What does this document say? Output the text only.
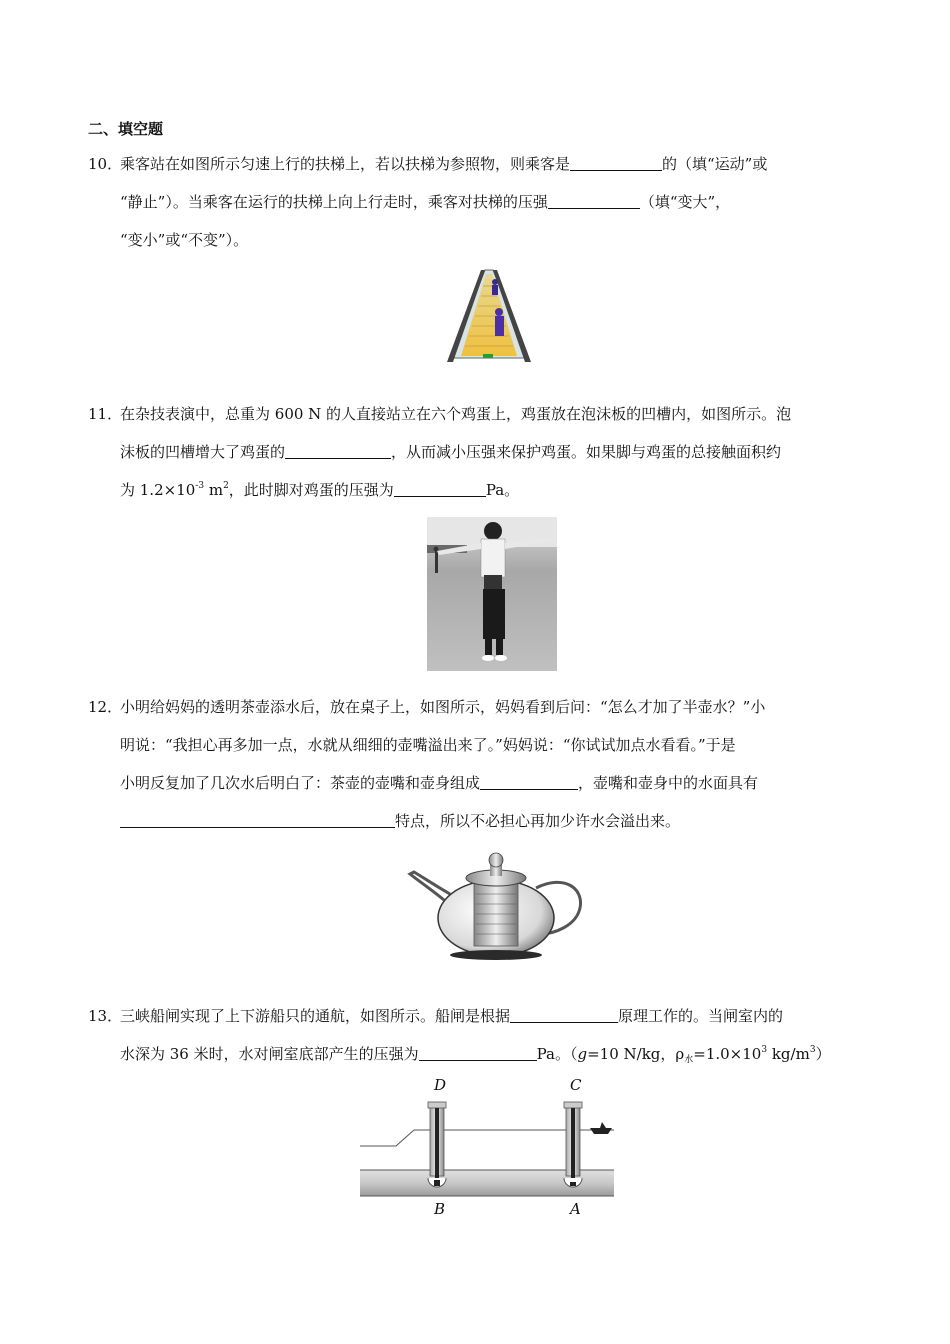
二、填空题
10．乘客站在如图所示匀速上行的扶梯上，若以扶梯为参照物，则乘客是	的（填“运动”或
“静止”）。当乘客在运行的扶梯上向上行走时，乘客对扶梯的压强	（填“变大”，
“变小”或“不变”）。
11．在杂技表演中，总重为 600 N 的人直接站立在六个鸡蛋上，鸡蛋放在泡沫板的凹槽内，如图所示。泡
沫板的凹槽增大了鸡蛋的	，从而减小压强来保护鸡蛋。如果脚与鸡蛋的总接触面积约
为 $1.2\times 10^{-3}$ $m^2$，此时脚对鸡蛋的压强为	Pa。
12．小明给妈妈的透明茶壶添水后，放在桌子上，如图所示，妈妈看到后问：“怎么才加了半壶水？”小
明说：“我担心再多加一点，水就从细细的壶嘴溢出来了。”妈妈说：“你试试加点水看看。”于是
小明反复加了几次水后明白了：茶壶的壶嘴和壶身组成	，壶嘴和壶身中的水面具有
特点，所以不必担心再加少许水会溢出来。
13．三峡船闸实现了上下游船只的通航，如图所示。船闸是根据	原理工作的。当闸室内的
水深为 36 米时，水对闸室底部产生的压强为	Pa。（g=10 N/kg，$\rho_水=1.0\times 10^3$ $kg/m^3$）
D	C
B	A
